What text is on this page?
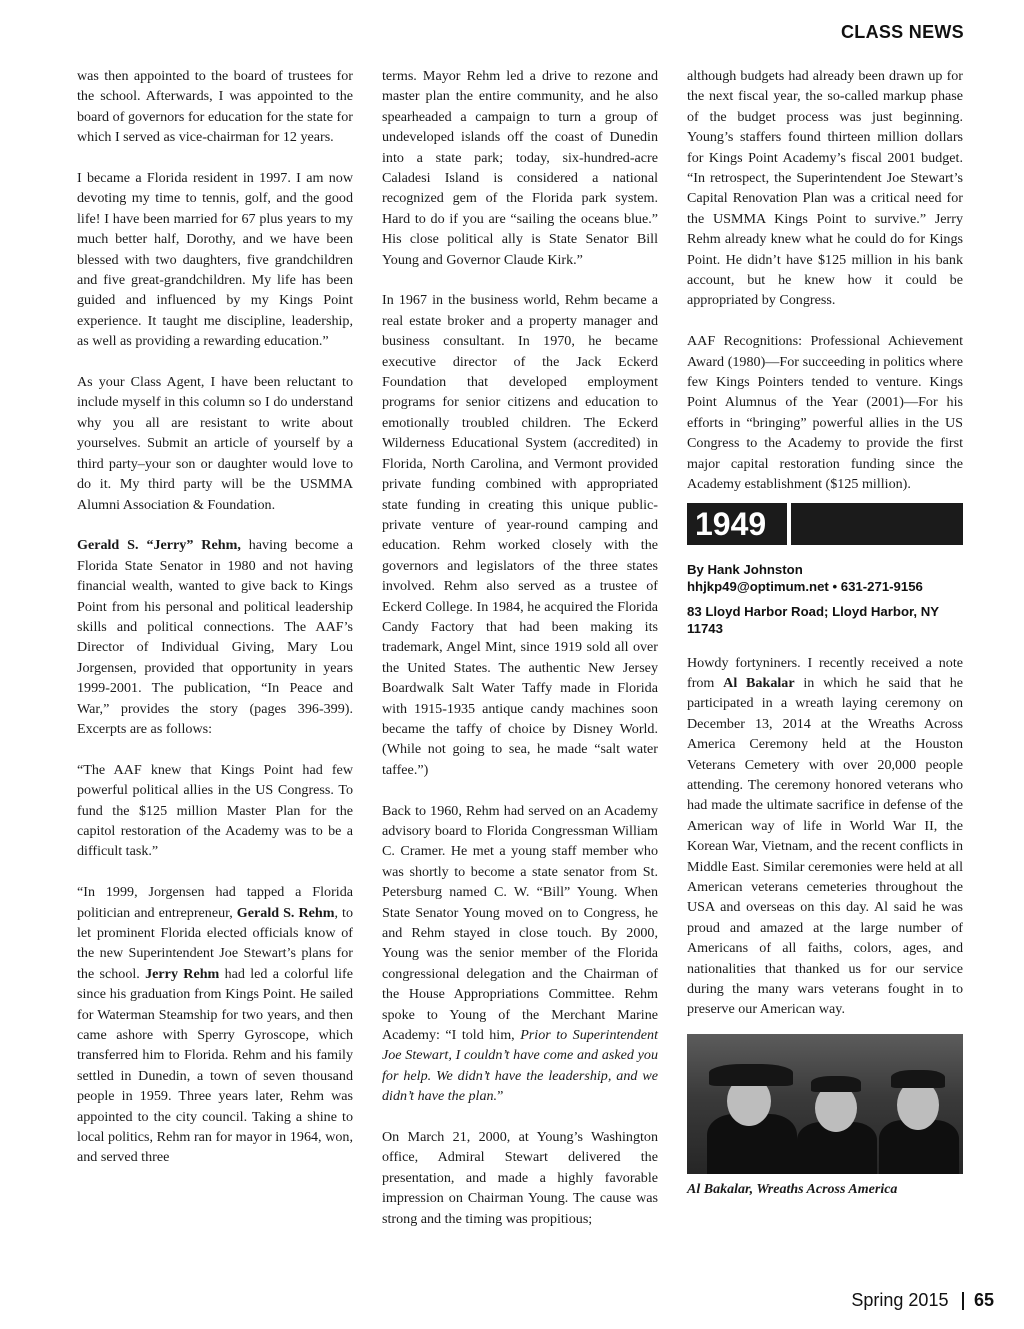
CLASS NEWS

was then appointed to the board of trustees for the school. Afterwards, I was appointed to the board of governors for education for the state for which I served as vice-chairman for 12 years.

I became a Florida resident in 1997. I am now devoting my time to tennis, golf, and the good life! I have been married for 67 plus years to my much better half, Dorothy, and we have been blessed with two daughters, five grandchildren and five great-grandchildren. My life has been guided and influenced by my Kings Point experience. It taught me discipline, leadership, as well as providing a rewarding education.”

As your Class Agent, I have been reluctant to include myself in this column so I do understand why you all are resistant to write about yourselves. Submit an article of yourself by a third party–your son or daughter would love to do it. My third party will be the USMMA Alumni Association & Foundation.

Gerald S. “Jerry” Rehm, having become a Florida State Senator in 1980 and not having financial wealth, wanted to give back to Kings Point from his personal and political leadership skills and political connections. The AAF’s Director of Individual Giving, Mary Lou Jorgensen, provided that opportunity in years 1999-2001. The publication, “In Peace and War,” provides the story (pages 396-399). Excerpts are as follows:

“The AAF knew that Kings Point had few powerful political allies in the US Congress. To fund the $125 million Master Plan for the capitol restoration of the Academy was to be a difficult task.”

“In 1999, Jorgensen had tapped a Florida politician and entrepreneur, Gerald S. Rehm, to let prominent Florida elected officials know of the new Superintendent Joe Stewart’s plans for the school. Jerry Rehm had led a colorful life since his graduation from Kings Point. He sailed for Waterman Steamship for two years, and then came ashore with Sperry Gyroscope, which transferred him to Florida. Rehm and his family settled in Dunedin, a town of seven thousand people in 1959. Three years later, Rehm was appointed to the city council. Taking a shine to local politics, Rehm ran for mayor in 1964, won, and served three

terms. Mayor Rehm led a drive to rezone and master plan the entire community, and he also spearheaded a campaign to turn a group of undeveloped islands off the coast of Dunedin into a state park; today, six-hundred-acre Caladesi Island is considered a national recognized gem of the Florida park system. Hard to do if you are “sailing the oceans blue.” His close political ally is State Senator Bill Young and Governor Claude Kirk.”

In 1967 in the business world, Rehm became a real estate broker and a property manager and business consultant. In 1970, he became executive director of the Jack Eckerd Foundation that developed employment programs for senior citizens and education to emotionally troubled children. The Eckerd Wilderness Educational System (accredited) in Florida, North Carolina, and Vermont provided private funding combined with appropriated state funding in creating this unique public-private venture of year-round camping and education. Rehm worked closely with the governors and legislators of the three states involved. Rehm also served as a trustee of Eckerd College. In 1984, he acquired the Florida Candy Factory that had been making its trademark, Angel Mint, since 1919 sold all over the United States. The authentic New Jersey Boardwalk Salt Water Taffy made in Florida with 1915-1935 antique candy machines soon became the taffy of choice by Disney World. (While not going to sea, he made “salt water taffee.”)

Back to 1960, Rehm had served on an Academy advisory board to Florida Congressman William C. Cramer. He met a young staff member who was shortly to become a state senator from St. Petersburg named C. W. “Bill” Young. When State Senator Young moved on to Congress, he and Rehm stayed in close touch. By 2000, Young was the senior member of the Florida congressional delegation and the Chairman of the House Appropriations Committee. Rehm spoke to Young of the Merchant Marine Academy: “I told him, Prior to Superintendent Joe Stewart, I couldn’t have come and asked you for help. We didn’t have the leadership, and we didn’t have the plan.”

On March 21, 2000, at Young’s Washington office, Admiral Stewart delivered the presentation, and made a highly favorable impression on Chairman Young. The cause was strong and the timing was propitious;

although budgets had already been drawn up for the next fiscal year, the so-called markup phase of the budget process was just beginning. Young’s staffers found thirteen million dollars for Kings Point Academy’s fiscal 2001 budget. “In retrospect, the Superintendent Joe Stewart’s Capital Renovation Plan was a critical need for the USMMA Kings Point to survive.” Jerry Rehm already knew what he could do for Kings Point. He didn’t have $125 million in his bank account, but he knew how it could be appropriated by Congress.

AAF Recognitions: Professional Achievement Award (1980)—For succeeding in politics where few Kings Pointers tended to venture. Kings Point Alumnus of the Year (2001)—For his efforts in “bringing” powerful allies in the US Congress to the Academy to provide the first major capital restoration funding since the Academy establishment ($125 million).

1949
By Hank Johnston
hhjkp49@optimum.net • 631-271-9156
83 Lloyd Harbor Road; Lloyd Harbor, NY 11743

Howdy fortyniners. I recently received a note from Al Bakalar in which he said that he participated in a wreath laying ceremony on December 13, 2014 at the Wreaths Across America Ceremony held at the Houston Veterans Cemetery with over 20,000 people attending. The ceremony honored veterans who had made the ultimate sacrifice in defense of the American way of life in World War II, the Korean War, Vietnam, and the recent conflicts in Middle East. Similar ceremonies were held at all American veterans cemeteries throughout the USA and overseas on this day. Al said he was proud and amazed at the large number of Americans of all faiths, colors, ages, and nationalities that thanked us for our service during the many wars veterans fought in to preserve our American way.

Al Bakalar, Wreaths Across America
Spring 2015 65
